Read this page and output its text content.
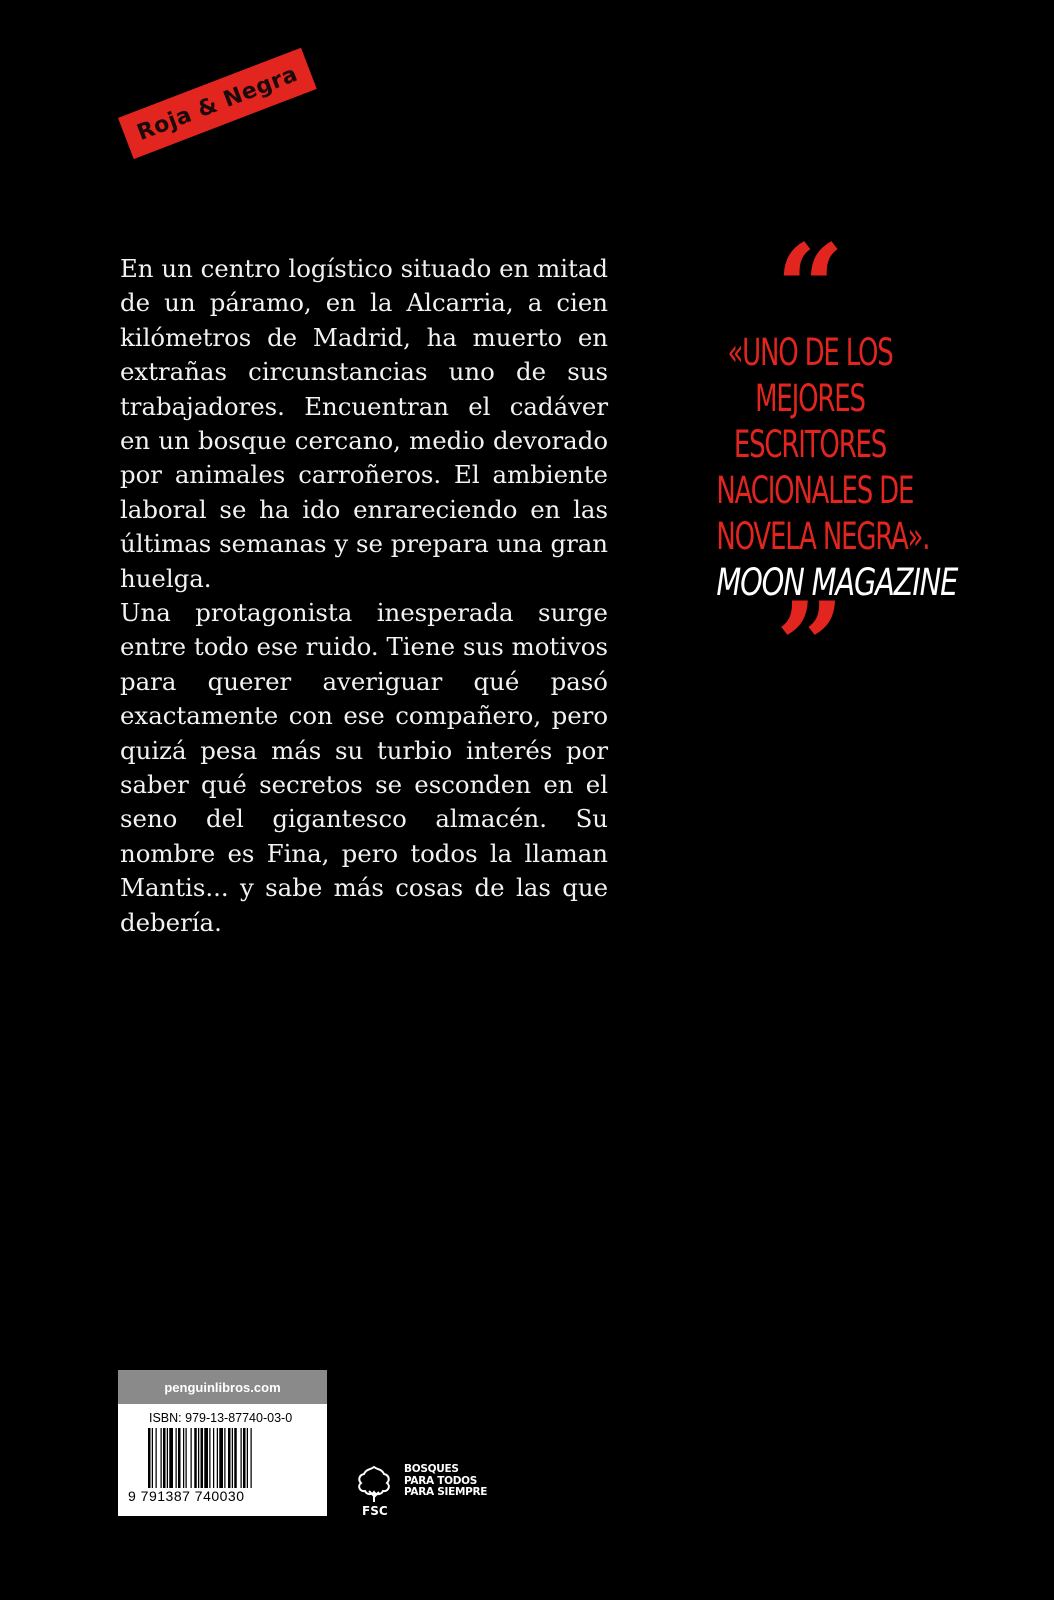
Roja & Negra

En un centro logístico situado en mitad de un páramo, en la Alcarria, a cien kilómetros de Madrid, ha muerto en extrañas circunstancias uno de sus trabajadores. Encuentran el cadáver en un bosque cercano, medio devorado por animales carroñeros. El ambiente laboral se ha ido enrareciendo en las últimas semanas y se prepara una gran huelga.

Una protagonista inesperada surge entre todo ese ruido. Tiene sus motivos para querer averiguar qué pasó exactamente con ese compañero, pero quizá pesa más su turbio interés por saber qué secretos se esconden en el seno del gigantesco almacén. Su nombre es Fina, pero todos la llaman Mantis... y sabe más cosas de las que debería.

“
«UNO DE LOS
MEJORES
ESCRITORES
NACIONALES DE
NOVELA NEGRA».
MOON MAGAZINE
”
penguinlibros.com
ISBN: 979-13-87740-03-0
9 791387 740030
FSC
BOSQUES
PARA TODOS
PARA SIEMPRE
